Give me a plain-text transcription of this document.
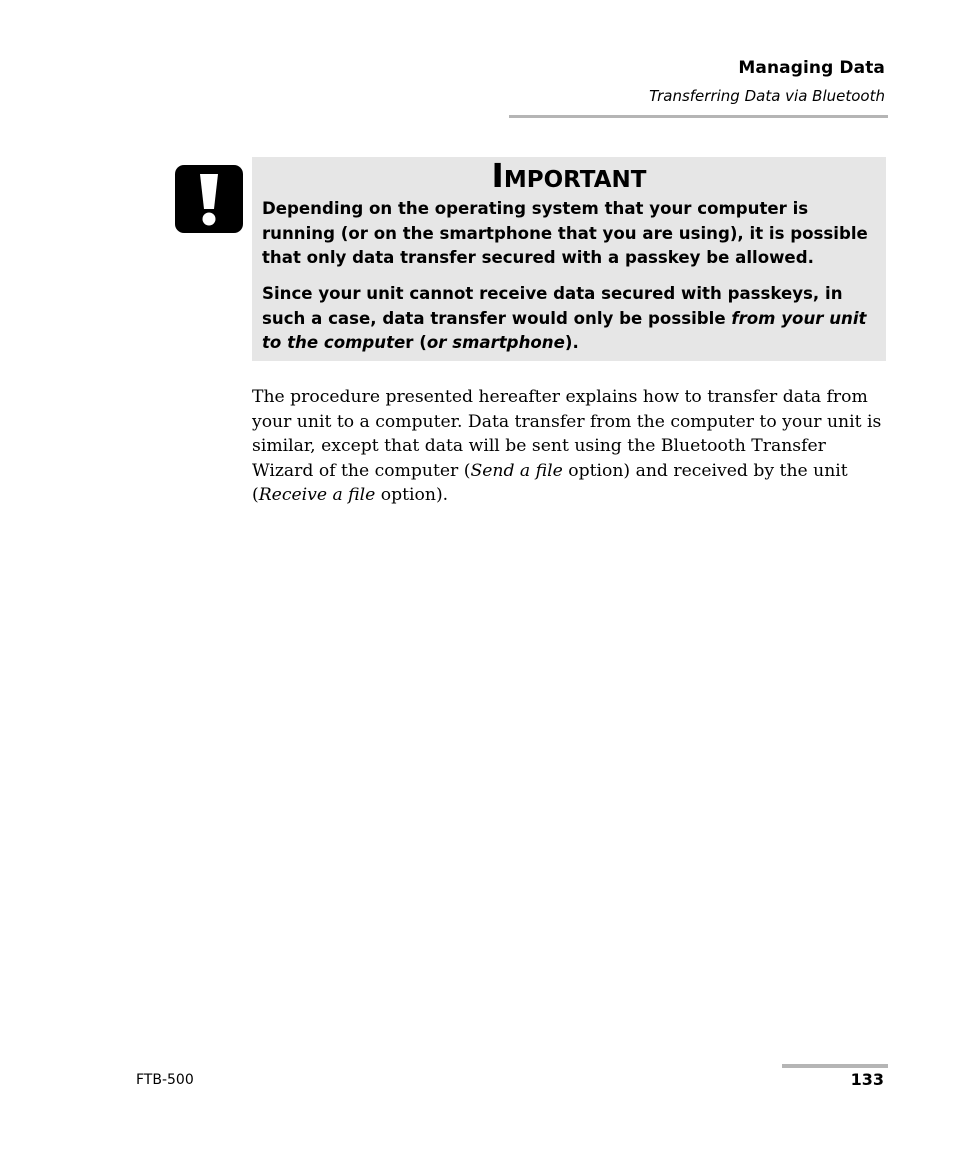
Managing Data
Transferring Data via Bluetooth
Important

Depending on the operating system that your computer is running (or on the smartphone that you are using), it is possible that only data transfer secured with a passkey be allowed.

Since your unit cannot receive data secured with passkeys, in such a case, data transfer would only be possible from your unit to the computer (or smartphone).

The procedure presented hereafter explains how to transfer data from your unit to a computer. Data transfer from the computer to your unit is similar, except that data will be sent using the Bluetooth Transfer Wizard of the computer (Send a file option) and received by the unit (Receive a file option).

FTB-500	133
